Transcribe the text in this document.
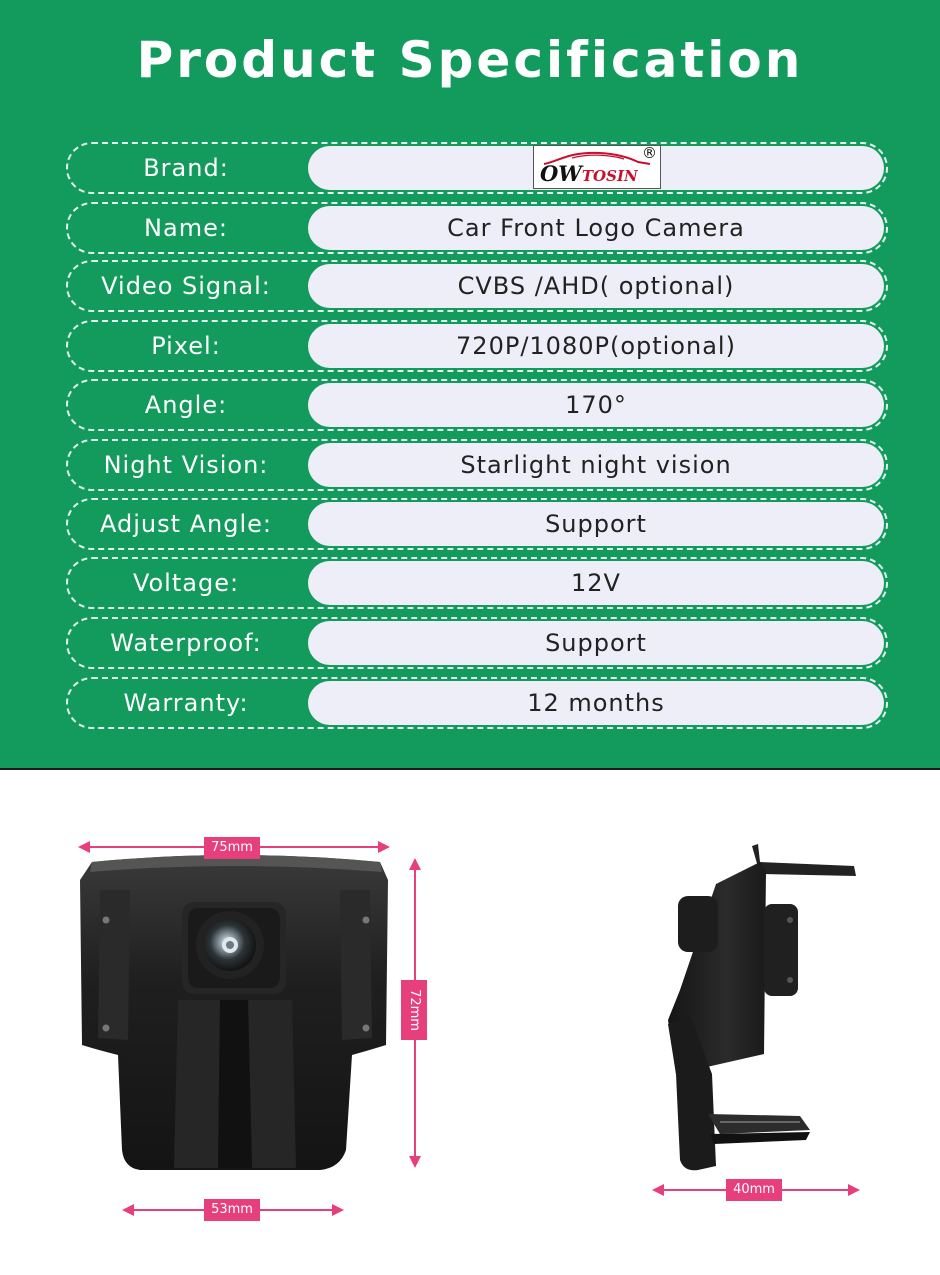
Product Specification
Brand:	OWTOSIN
®
Name:	Car Front Logo Camera
Video Signal:	CVBS /AHD( optional)
Pixel:	720P/1080P(optional)
Angle:	170°
Night Vision:	Starlight night vision
Adjust Angle:	Support
Voltage:	12V
Waterproof:	Support
Warranty:	12 months
75mm
72mm
53mm
40mm
